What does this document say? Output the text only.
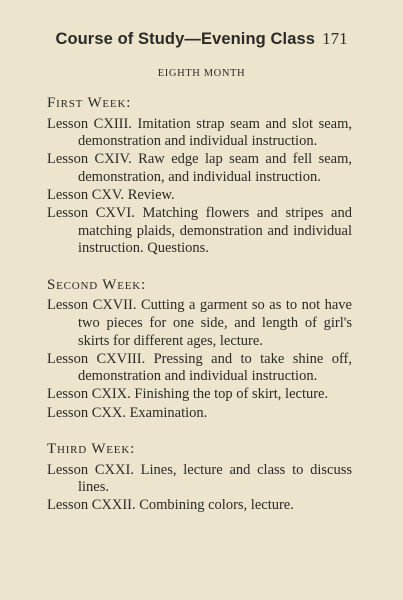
Course of Study—Evening Class 171
EIGHTH MONTH
First Week:

Lesson CXIII. Imitation strap seam and slot seam, demonstration and individual instruction.

Lesson CXIV. Raw edge lap seam and fell seam, demonstration, and individual instruction.

Lesson CXV. Review.

Lesson CXVI. Matching flowers and stripes and matching plaids, demonstration and individual instruction. Questions.

Second Week:

Lesson CXVII. Cutting a garment so as to not have two pieces for one side, and length of girl's skirts for different ages, lecture.

Lesson CXVIII. Pressing and to take shine off, demonstration and individual instruction.

Lesson CXIX. Finishing the top of skirt, lecture.

Lesson CXX. Examination.

Third Week:

Lesson CXXI. Lines, lecture and class to discuss lines.

Lesson CXXII. Combining colors, lecture.
